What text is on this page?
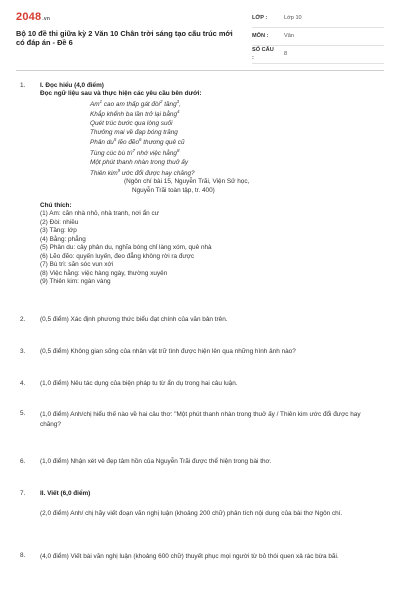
2048.vn
Bộ 10 đề thi giữa kỳ 2 Văn 10 Chân trời sáng tạo cấu trúc mới có đáp án - Đề 6
LỚP :	Lớp 10
MÔN :	Văn
SỐ CÂU :
8
1. I. Đọc hiểu (4,0 điểm)
Đọc ngữ liệu sau và thực hiện các yêu cầu bên dưới:
Am$^1$ cao am thấp gát đòi$^2$ tầng$^3$,
Khắp khểnh ba lần trở lại bằng$^4$
Quét trúc bước qua lòng suối
Thưởng mai về đạp bóng trăng
Phân $du^5$ lẽo đẽo$^6$ thương quê cũ
Tùng cúc bù trì$^7$ nhớ việc hằng$^8$
Một phút thanh nhàn trong thuở ấy
Thiên kim$^9$ ước đổi được hay chăng?
(Ngôn chí bài 15, Nguyễn Trãi, Viện Sử học,
Nguyễn Trãi toàn tập, tr. 400)
Chú thích:
(1) Am: căn nhà nhỏ, nhà tranh, nơi ẩn cư
(2) Đòi: nhiều
(3) Tầng: lớp
(4) Bằng: phẳng
(5) Phân du: cây phân du, nghĩa bóng chỉ làng xóm, quê nhà
(6) Lẽo đẽo: quyến luyến, đeo đẳng không rời ra được
(7) Bù trì: săn sóc vun xới
(8) Việc hằng: việc hàng ngày, thường xuyên
(9) Thiên kim: ngàn vàng
2. (0,5 điểm) Xác định phương thức biểu đạt chính của văn bản trên.
3. (0,5 điểm) Không gian sống của nhân vật trữ tình được hiện lên qua những hình ảnh nào?
4. (1,0 điểm) Nêu tác dụng của biện pháp tu từ ẩn dụ trong hai câu luận.
5. (1,0 điểm) Anh/chị hiểu thế nào về hai câu thơ: "Một phút thanh nhàn trong thuở ấy / Thiên kim ước đổi được hay chăng?
6. (1,0 điểm) Nhận xét vẻ đẹp tâm hồn của Nguyễn Trãi được thể hiện trong bài thơ.
7. II. Viết (6,0 điểm)
(2,0 điểm) Anh/ chị hãy viết đoạn văn nghị luận (khoảng 200 chữ) phân tích nội dung của bài thơ Ngôn chí.
8. (4,0 điểm) Viết bài văn nghị luận (khoảng 600 chữ) thuyết phục mọi người từ bỏ thói quen xả rác bừa bãi.
